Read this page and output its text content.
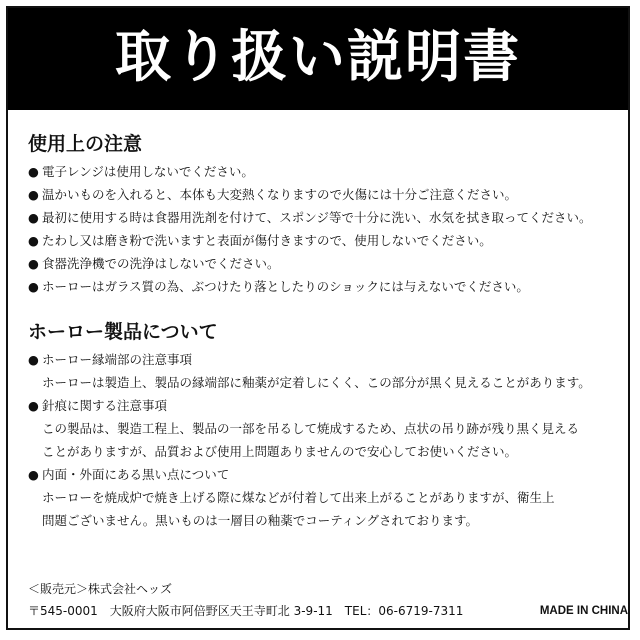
取り扱い説明書
使用上の注意
● 電子レンジは使用しないでください。
● 温かいものを入れると、本体も大変熱くなりますので火傷には十分ご注意ください。
● 最初に使用する時は食器用洗剤を付けて、スポンジ等で十分に洗い、水気を拭き取ってください。
● たわし又は磨き粉で洗いますと表面が傷付きますので、使用しないでください。
● 食器洗浄機での洗浄はしないでください。
● ホーローはガラス質の為、ぶつけたり落としたりのショックには与えないでください。
ホーロー製品について
● ホーロー縁端部の注意事項
ホーローは製造上、製品の縁端部に釉薬が定着しにくく、この部分が黒く見えることがあります。
● 針痕に関する注意事項
この製品は、製造工程上、製品の一部を吊るして焼成するため、点状の吊り跡が残り黒く見える
ことがありますが、品質および使用上問題ありませんので安心してお使いください。
● 内面・外面にある黒い点について
ホーローを焼成炉で焼き上げる際に煤などが付着して出来上がることがありますが、衛生上
問題ございません。黒いものは一層目の釉薬でコーティングされております。

＜販売元＞株式会社ヘッズ

〒545-0001　大阪府大阪市阿倍野区天王寺町北 3-9-11　TEL：06-6719-7311	MADE IN CHINA
